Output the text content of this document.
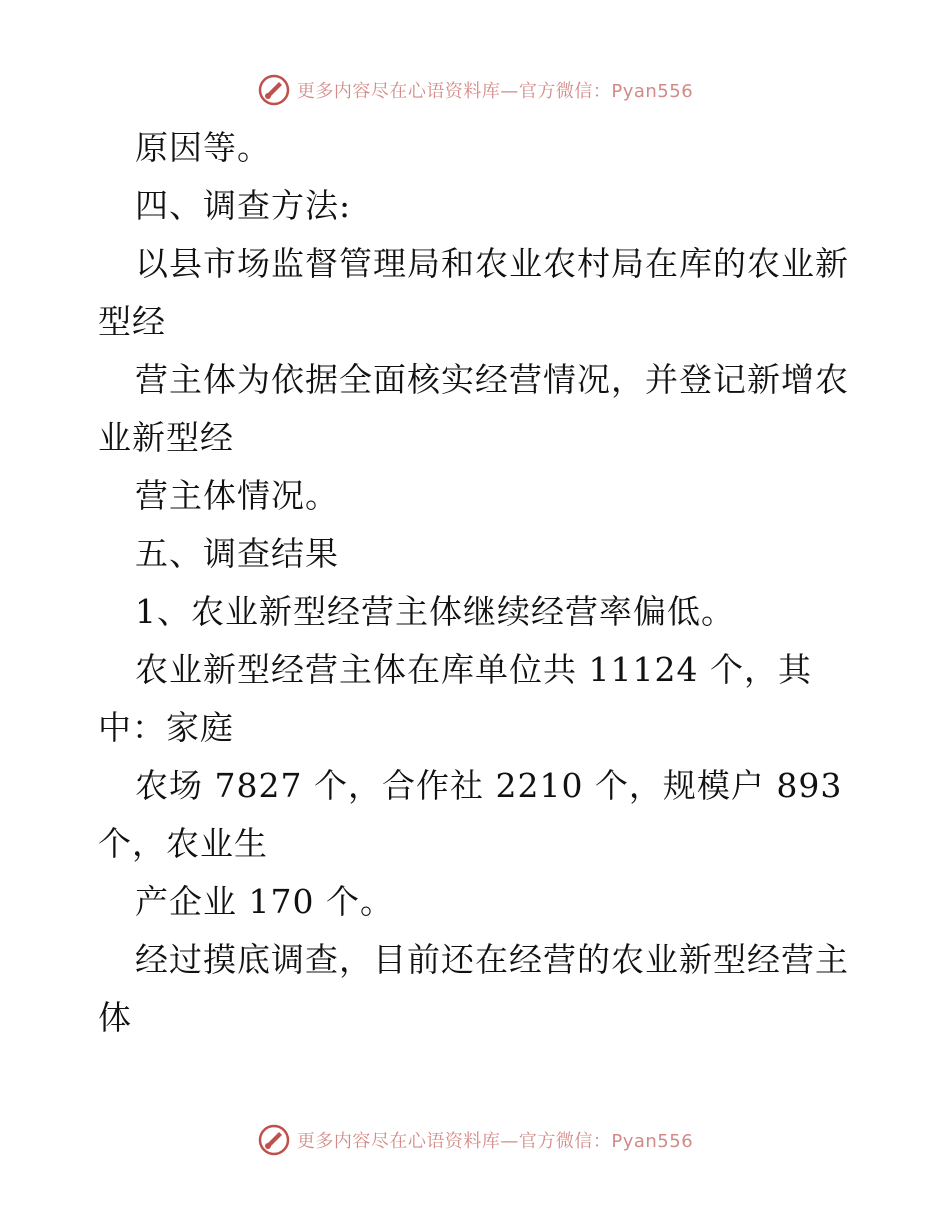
更多内容尽在心语资料库—官方微信：Pyan556
原因等。
四、调查方法:
以县市场监督管理局和农业农村局在库的农业新
型经
营主体为依据全面核实经营情况，并登记新增农
业新型经
营主体情况。
五、调查结果
1、农业新型经营主体继续经营率偏低。
农业新型经营主体在库单位共 11124 个，其
中：家庭
农场 7827 个，合作社 2210 个，规模户 893
个，农业生
产企业 170 个。
经过摸底调查，目前还在经营的农业新型经营主
体
更多内容尽在心语资料库—官方微信：Pyan556
